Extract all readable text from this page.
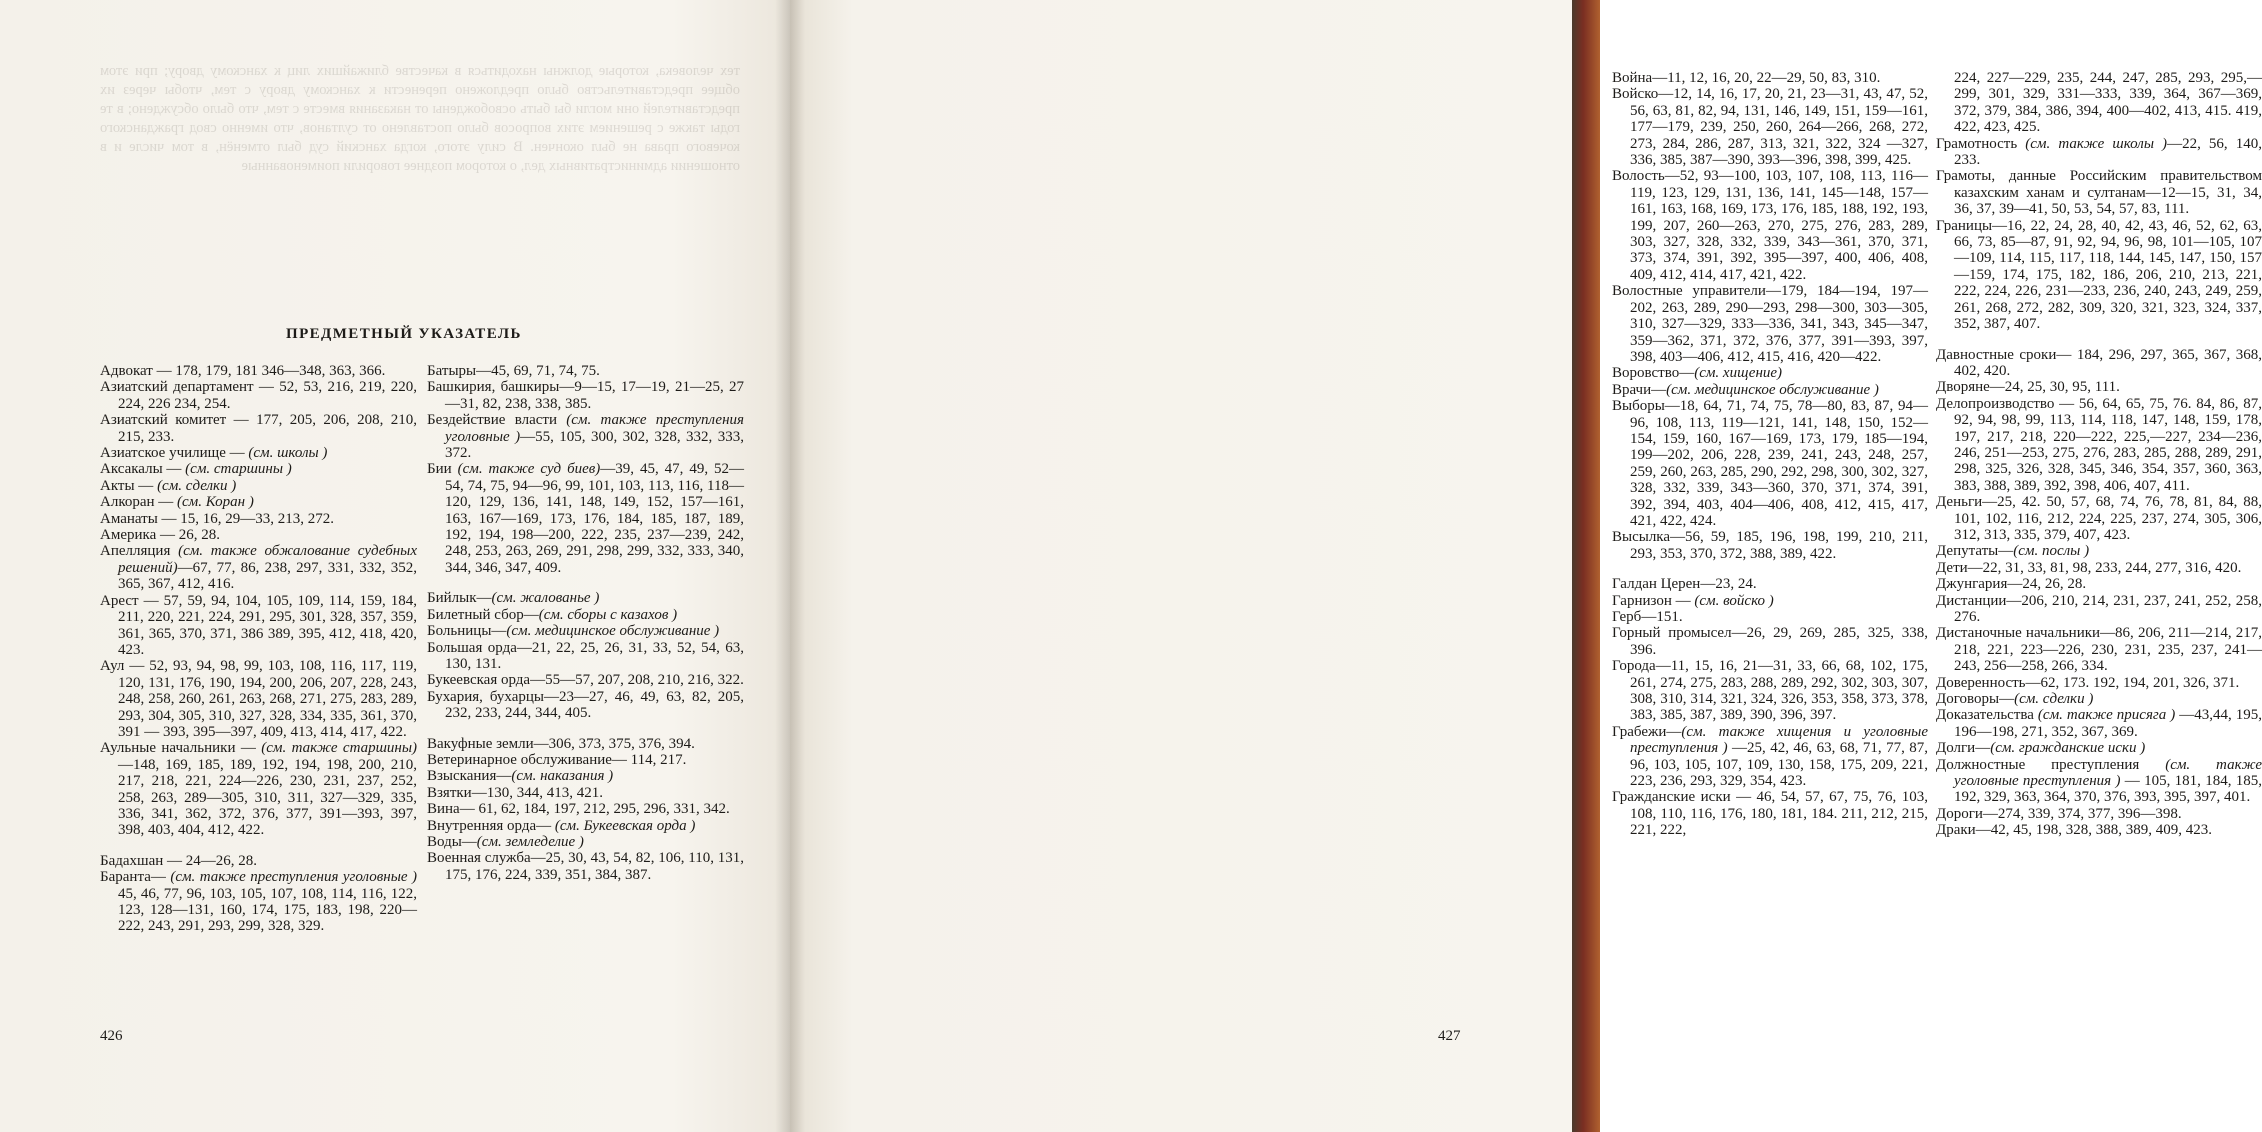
тех человека, которые должны находиться в качестве ближайших лиц к ханскому двору; при этом общее представительство было предложено перенести к ханскому двору с тем, чтобы через их представителей они могли бы быть освобождены от наказания вместе с тем, что было обсуждено; в те годы также с решением этих вопросов было поставлено от султанов, что именно свод гражданского кочевого права не был окончен. В силу этого, когда ханский суд был отменён, в том числе и в отношении административных дел, о котором позднее говорили поименованные
ПРЕДМЕТНЫЙ УКАЗАТЕЛЬ

Адвокат — 178, 179, 181 346—348, 363, 366.

Азиатский департамент — 52, 53, 216, 219, 220, 224, 226 234, 254.

Азиатский комитет — 177, 205, 206, 208, 210, 215, 233.

Азиатское училище — (см. школы )

Аксакалы — (см. старшины )

Акты — (см. сделки )

Алкоран — (см. Коран )

Аманаты — 15, 16, 29—33, 213, 272.

Америка — 26, 28.

Апелляция (см. также обжалование судебных решений)—67, 77, 86, 238, 297, 331, 332, 352, 365, 367, 412, 416.

Арест — 57, 59, 94, 104, 105, 109, 114, 159, 184, 211, 220, 221, 224, 291, 295, 301, 328, 357, 359, 361, 365, 370, 371, 386 389, 395, 412, 418, 420, 423.

Аул — 52, 93, 94, 98, 99, 103, 108, 116, 117, 119, 120, 131, 176, 190, 194, 200, 206, 207, 228, 243, 248, 258, 260, 261, 263, 268, 271, 275, 283, 289, 293, 304, 305, 310, 327, 328, 334, 335, 361, 370, 391 — 393, 395—397, 409, 413, 414, 417, 422.

Аульные начальники — (см. также старшины)—148, 169, 185, 189, 192, 194, 198, 200, 210, 217, 218, 221, 224—226, 230, 231, 237, 252, 258, 263, 289—305, 310, 311, 327—329, 335, 336, 341, 362, 372, 376, 377, 391—393, 397, 398, 403, 404, 412, 422.

Бадахшан — 24—26, 28.

Баранта— (см. также преступления уголовные ) 45, 46, 77, 96, 103, 105, 107, 108, 114, 116, 122, 123, 128—131, 160, 174, 175, 183, 198, 220—222, 243, 291, 293, 299, 328, 329.

Батыры—45, 69, 71, 74, 75.

Башкирия, башкиры—9—15, 17—19, 21—25, 27—31, 82, 238, 338, 385.

Бездействие власти (см. также преступления уголовные )—55, 105, 300, 302, 328, 332, 333, 372.

Бии (см. также суд биев)—39, 45, 47, 49, 52—54, 74, 75, 94—96, 99, 101, 103, 113, 116, 118—120, 129, 136, 141, 148, 149, 152, 157—161, 163, 167—169, 173, 176, 184, 185, 187, 189, 192, 194, 198—200, 222, 235, 237—239, 242, 248, 253, 263, 269, 291, 298, 299, 332, 333, 340, 344, 346, 347, 409.

Бийлык—(см. жалованье )

Билетный сбор—(см. сборы с казахов )

Больницы—(см. медицинское обслуживание )

Большая орда—21, 22, 25, 26, 31, 33, 52, 54, 63, 130, 131.

Букеевская орда—55—57, 207, 208, 210, 216, 322.

Бухария, бухарцы—23—27, 46, 49, 63, 82, 205, 232, 233, 244, 344, 405.

Вакуфные земли—306, 373, 375, 376, 394.

Ветеринарное обслуживание— 114, 217.

Взыскания—(см. наказания )

Взятки—130, 344, 413, 421.

Вина— 61, 62, 184, 197, 212, 295, 296, 331, 342.

Внутренняя орда— (см. Букеевская орда )

Воды—(см. земледелие )

Военная служба—25, 30, 43, 54, 82, 106, 110, 131, 175, 176, 224, 339, 351, 384, 387.

426

Война—11, 12, 16, 20, 22—29, 50, 83, 310.

Войско—12, 14, 16, 17, 20, 21, 23—31, 43, 47, 52, 56, 63, 81, 82, 94, 131, 146, 149, 151, 159—161, 177—179, 239, 250, 260, 264—266, 268, 272, 273, 284, 286, 287, 313, 321, 322, 324 —327, 336, 385, 387—390, 393—396, 398, 399, 425.

Волость—52, 93—100, 103, 107, 108, 113, 116—119, 123, 129, 131, 136, 141, 145—148, 157—161, 163, 168, 169, 173, 176, 185, 188, 192, 193, 199, 207, 260—263, 270, 275, 276, 283, 289, 303, 327, 328, 332, 339, 343—361, 370, 371, 373, 374, 391, 392, 395—397, 400, 406, 408, 409, 412, 414, 417, 421, 422.

Волостные управители—179, 184—194, 197—202, 263, 289, 290—293, 298—300, 303—305, 310, 327—329, 333—336, 341, 343, 345—347, 359—362, 371, 372, 376, 377, 391—393, 397, 398, 403—406, 412, 415, 416, 420—422.

Воровство—(см. хищение)

Врачи—(см. медицинское обслуживание )

Выборы—18, 64, 71, 74, 75, 78—80, 83, 87, 94—96, 108, 113, 119—121, 141, 148, 150, 152—154, 159, 160, 167—169, 173, 179, 185—194, 199—202, 206, 228, 239, 241, 243, 248, 257, 259, 260, 263, 285, 290, 292, 298, 300, 302, 327, 328, 332, 339, 343—360, 370, 371, 374, 391, 392, 394, 403, 404—406, 408, 412, 415, 417, 421, 422, 424.

Высылка—56, 59, 185, 196, 198, 199, 210, 211, 293, 353, 370, 372, 388, 389, 422.

Галдан Церен—23, 24.

Гарнизон — (см. войско )

Герб—151.

Горный промысел—26, 29, 269, 285, 325, 338, 396.

Города—11, 15, 16, 21—31, 33, 66, 68, 102, 175, 261, 274, 275, 283, 288, 289, 292, 302, 303, 307, 308, 310, 314, 321, 324, 326, 353, 358, 373, 378, 383, 385, 387, 389, 390, 396, 397.

Грабежи—(см. также хищения и уголовные преступления ) —25, 42, 46, 63, 68, 71, 77, 87, 96, 103, 105, 107, 109, 130, 158, 175, 209, 221, 223, 236, 293, 329, 354, 423.

Гражданские иски — 46, 54, 57, 67, 75, 76, 103, 108, 110, 116, 176, 180, 181, 184. 211, 212, 215, 221, 222,

224, 227—229, 235, 244, 247, 285, 293, 295,—299, 301, 329, 331—333, 339, 364, 367—369, 372, 379, 384, 386, 394, 400—402, 413, 415. 419, 422, 423, 425.

Грамотность (см. также школы )—22, 56, 140, 233.

Грамоты, данные Российским правительством казахским ханам и султанам—12—15, 31, 34, 36, 37, 39—41, 50, 53, 54, 57, 83, 111.

Границы—16, 22, 24, 28, 40, 42, 43, 46, 52, 62, 63, 66, 73, 85—87, 91, 92, 94, 96, 98, 101—105, 107—109, 114, 115, 117, 118, 144, 145, 147, 150, 157—159, 174, 175, 182, 186, 206, 210, 213, 221, 222, 224, 226, 231—233, 236, 240, 243, 249, 259, 261, 268, 272, 282, 309, 320, 321, 323, 324, 337, 352, 387, 407.

Давностные сроки— 184, 296, 297, 365, 367, 368, 402, 420.

Дворяне—24, 25, 30, 95, 111.

Делопроизводство — 56, 64, 65, 75, 76. 84, 86, 87, 92, 94, 98, 99, 113, 114, 118, 147, 148, 159, 178, 197, 217, 218, 220—222, 225,—227, 234—236, 246, 251—253, 275, 276, 283, 285, 288, 289, 291, 298, 325, 326, 328, 345, 346, 354, 357, 360, 363, 383, 388, 389, 392, 398, 406, 407, 411.

Деньги—25, 42. 50, 57, 68, 74, 76, 78, 81, 84, 88, 101, 102, 116, 212, 224, 225, 237, 274, 305, 306, 312, 313, 335, 379, 407, 423.

Депутаты—(см. послы )

Дети—22, 31, 33, 81, 98, 233, 244, 277, 316, 420.

Джунгария—24, 26, 28.

Дистанции—206, 210, 214, 231, 237, 241, 252, 258, 276.

Дистаночные начальники—86, 206, 211—214, 217, 218, 221, 223—226, 230, 231, 235, 237, 241—243, 256—258, 266, 334.

Доверенность—62, 173. 192, 194, 201, 326, 371.

Договоры—(см. сделки )

Доказательства (см. также присяга ) —43,44, 195, 196—198, 271, 352, 367, 369.

Долги—(см. гражданские иски )

Должностные преступления (см. также уголовные преступления ) — 105, 181, 184, 185, 192, 329, 363, 364, 370, 376, 393, 395, 397, 401.

Дороги—274, 339, 374, 377, 396—398.

Драки—42, 45, 198, 328, 388, 389, 409, 423.

427
